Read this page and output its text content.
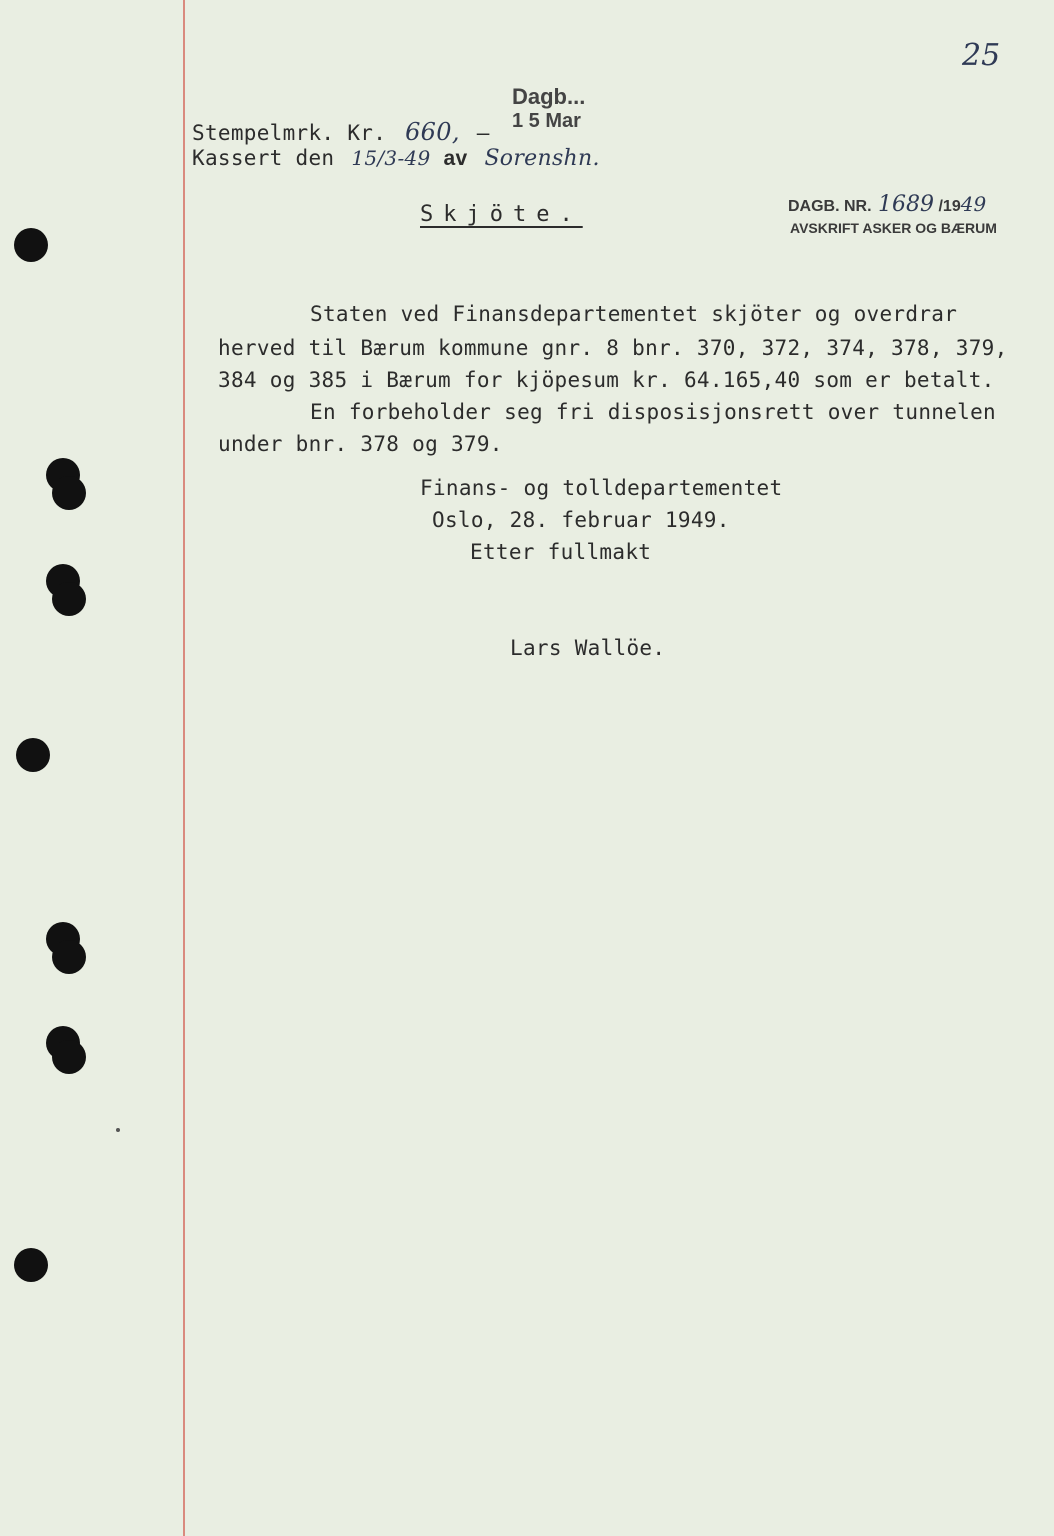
25
Dagb...
1 5 Mar
Stempelmrk. Kr. 660, –
Kassert den 15/3-49 av Sorenshn.
DAGB. NR. 1689 /1949
AVSKRIFT ASKER OG BÆRUM
Skjöte.
Staten ved Finansdepartementet skjöter og overdrar
herved til Bærum kommune gnr. 8 bnr. 370, 372, 374, 378, 379,
384 og 385 i Bærum for kjöpesum kr. 64.165,40 som er betalt.
En forbeholder seg fri disposisjonsrett over tunnelen
under bnr. 378 og 379.
Finans- og tolldepartementet
Oslo, 28. februar 1949.
Etter fullmakt
Lars Wallöe.
